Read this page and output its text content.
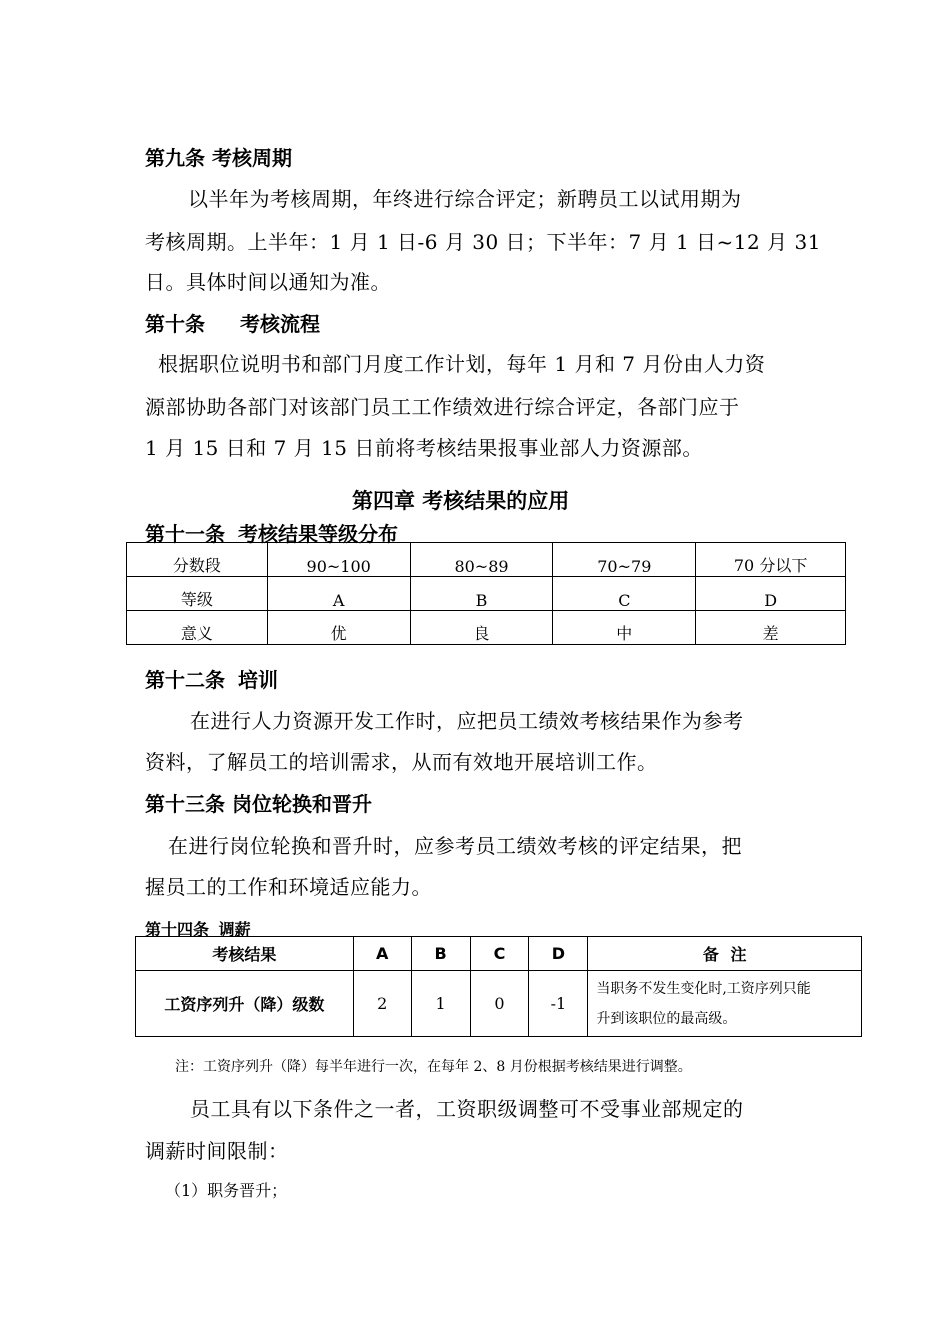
第九条 考核周期
以半年为考核周期，年终进行综合评定；新聘员工以试用期为
考核周期。上半年：1 月 1 日-6 月 30 日；下半年：7 月 1 日~12 月 31
日。具体时间以通知为准。
第十条 考核流程
根据职位说明书和部门月度工作计划，每年 1 月和 7 月份由人力资
源部协助各部门对该部门员工工作绩效进行综合评定，各部门应于
1 月 15 日和 7 月 15 日前将考核结果报事业部人力资源部。
第四章 考核结果的应用
第十一条 考核结果等级分布
分数段	90~100	80~89	70~79	70 分以下
等级	A	B	C	D
意义	优	良	中	差
第十二条 培训
在进行人力资源开发工作时，应把员工绩效考核结果作为参考
资料，了解员工的培训需求，从而有效地开展培训工作。
第十三条 岗位轮换和晋升
在进行岗位轮换和晋升时，应参考员工绩效考核的评定结果，把
握员工的工作和环境适应能力。
第十四条 调薪
考核结果	A	B	C	D	备 注
工资序列升（降）级数	2	1	0	-1	当职务不发生变化时,工资序列只能
升到该职位的最高级。
注：工资序列升（降）每半年进行一次，在每年 2、8 月份根据考核结果进行调整。
员工具有以下条件之一者，工资职级调整可不受事业部规定的
调薪时间限制：
（1）职务晋升；
